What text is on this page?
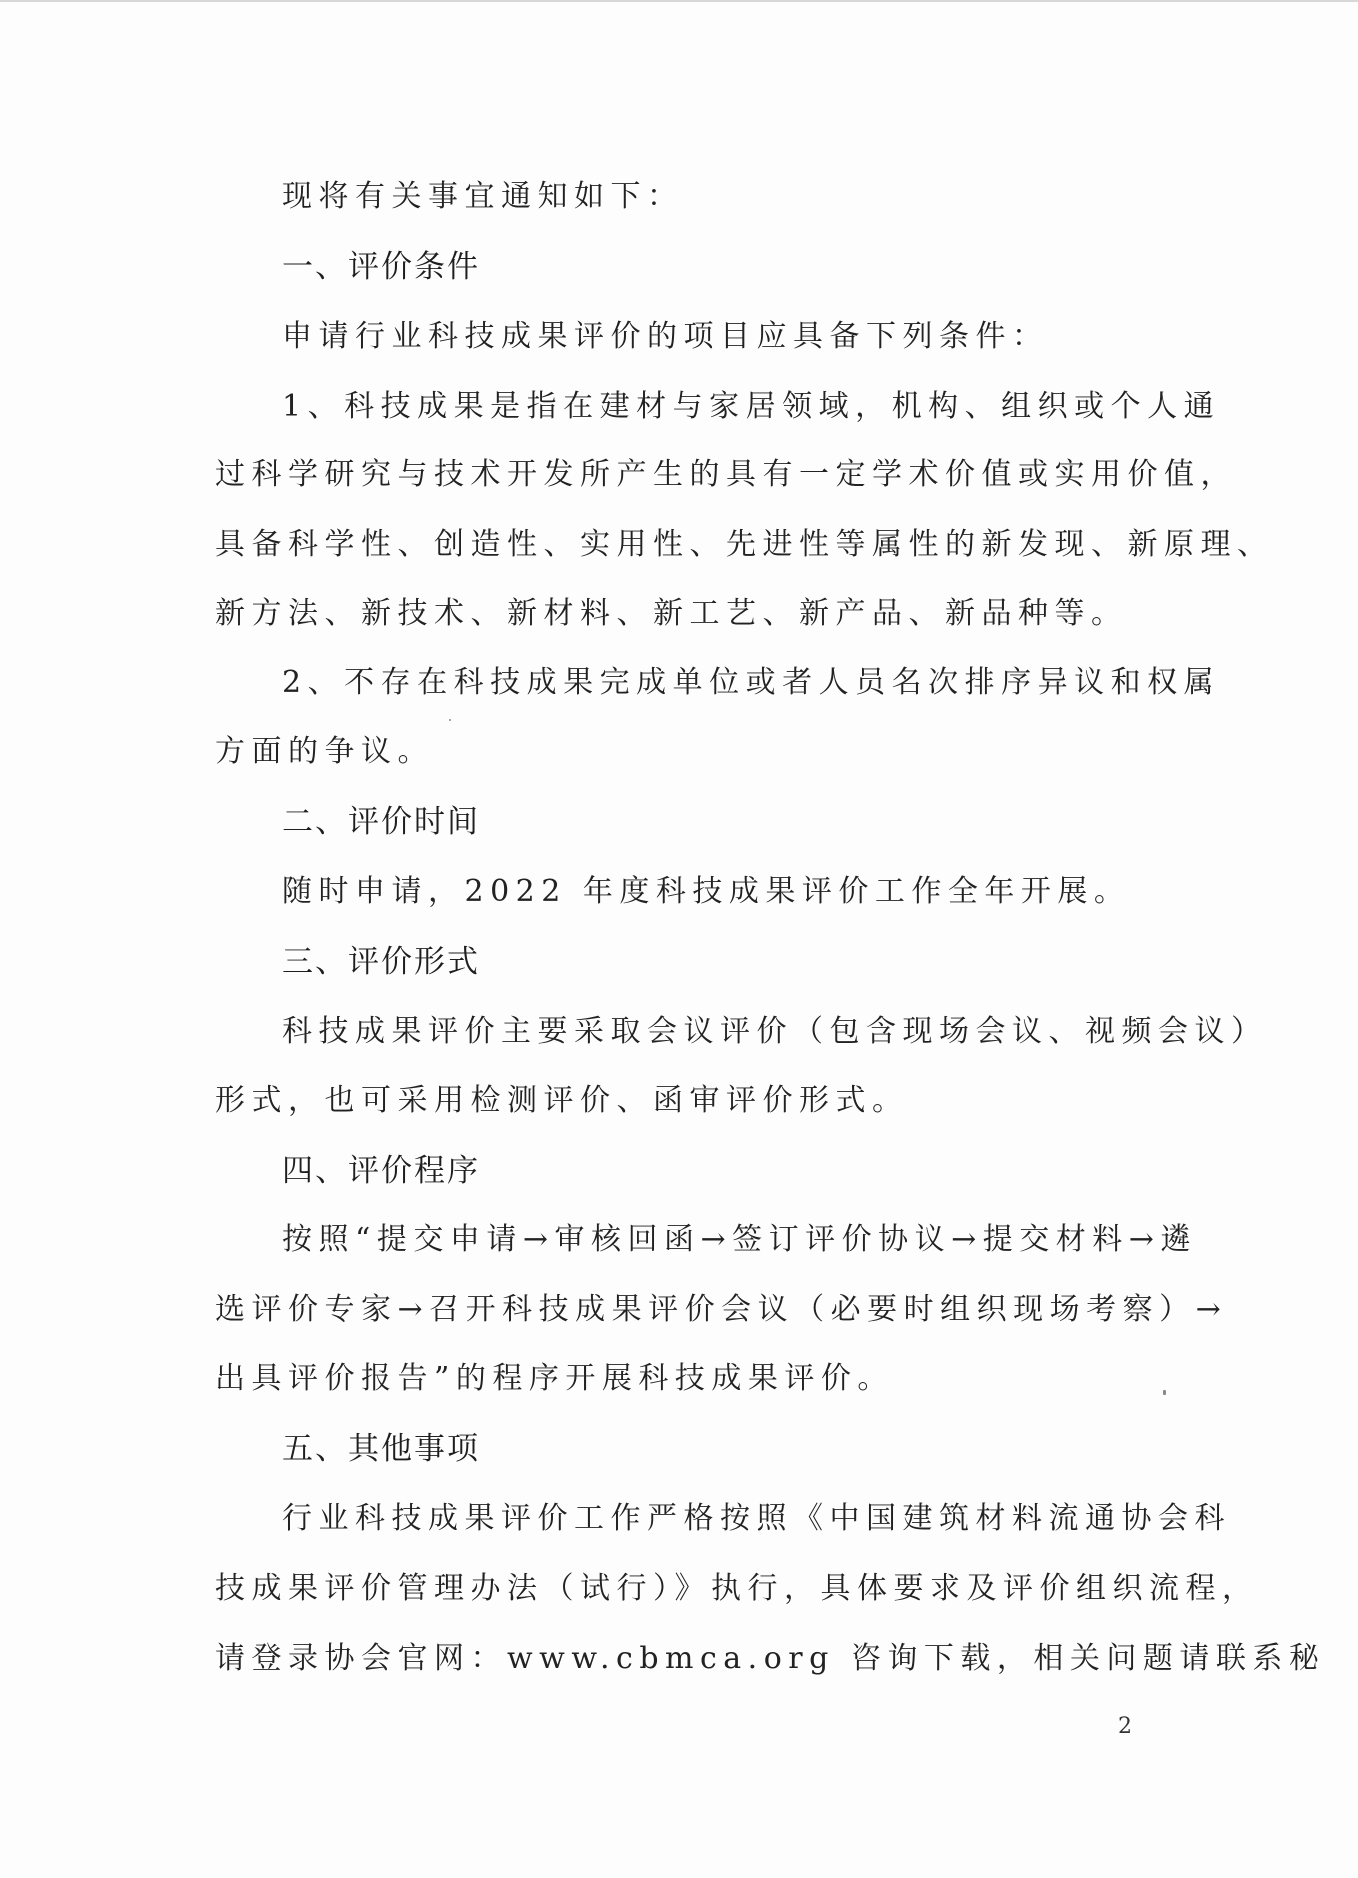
现将有关事宜通知如下：
一、评价条件
申请行业科技成果评价的项目应具备下列条件：
1、科技成果是指在建材与家居领域，机构、组织或个人通
过科学研究与技术开发所产生的具有一定学术价值或实用价值，
具备科学性、创造性、实用性、先进性等属性的新发现、新原理、
新方法、新技术、新材料、新工艺、新产品、新品种等。
2、不存在科技成果完成单位或者人员名次排序异议和权属
方面的争议。
二、评价时间
随时申请，2022 年度科技成果评价工作全年开展。
三、评价形式
科技成果评价主要采取会议评价（包含现场会议、视频会议）
形式，也可采用检测评价、函审评价形式。
四、评价程序
按照“提交申请→审核回函→签订评价协议→提交材料→遴
选评价专家→召开科技成果评价会议（必要时组织现场考察）→
出具评价报告”的程序开展科技成果评价。
五、其他事项
行业科技成果评价工作严格按照《中国建筑材料流通协会科
技成果评价管理办法（试行）》执行，具体要求及评价组织流程，
请登录协会官网：www.cbmca.org 咨询下载，相关问题请联系秘
2
